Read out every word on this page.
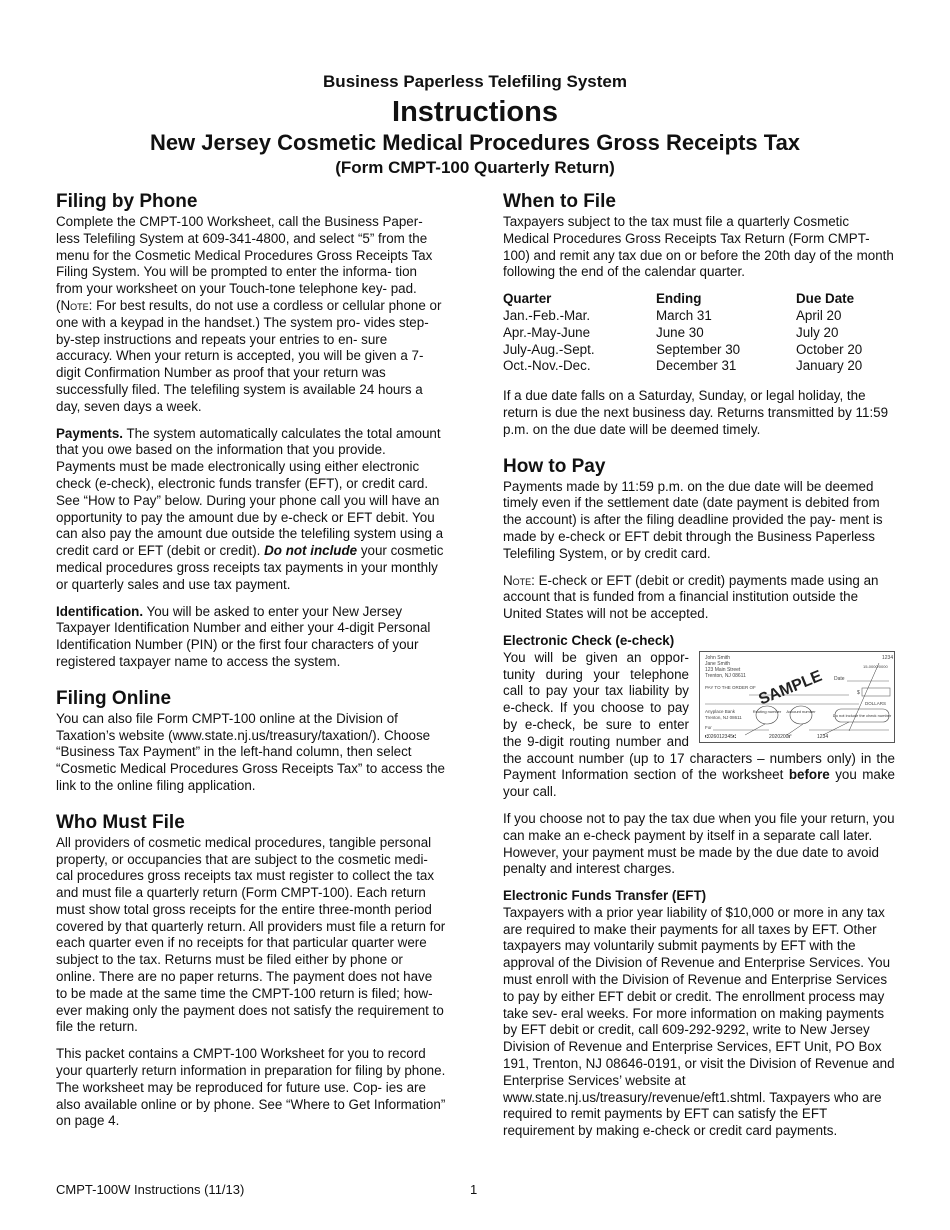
Business Paperless Telefiling System
Instructions
New Jersey Cosmetic Medical Procedures Gross Receipts Tax
(Form CMPT-100 Quarterly Return)
Filing by Phone

Complete the CMPT-100 Worksheet, call the Business Paper- less Telefiling System at 609-341-4800, and select “5” from the menu for the Cosmetic Medical Procedures Gross Receipts Tax Filing System. You will be prompted to enter the informa- tion from your worksheet on your Touch-tone telephone key- pad. (Note: For best results, do not use a cordless or cellular phone or one with a keypad in the handset.) The system pro- vides step-by-step instructions and repeats your entries to en- sure accuracy. When your return is accepted, you will be given a 7-digit Confirmation Number as proof that your return was successfully filed. The telefiling system is available 24 hours a day, seven days a week.

Payments. The system automatically calculates the total amount that you owe based on the information that you provide. Payments must be made electronically using either electronic check (e-check), electronic funds transfer (EFT), or credit card. See “How to Pay” below. During your phone call you will have an opportunity to pay the amount due by e-check or EFT debit. You can also pay the amount due outside the telefiling system using a credit card or EFT (debit or credit). Do not include your cosmetic medical procedures gross receipts tax payments in your monthly or quarterly sales and use tax payment.

Identification. You will be asked to enter your New Jersey Taxpayer Identification Number and either your 4-digit Personal Identification Number (PIN) or the first four characters of your registered taxpayer name to access the system.

Filing Online

You can also file Form CMPT-100 online at the Division of Taxation’s website (www.state.nj.us/treasury/taxation/). Choose “Business Tax Payment” in the left-hand column, then select “Cosmetic Medical Procedures Gross Receipts Tax” to access the link to the online filing application.

Who Must File

All providers of cosmetic medical procedures, tangible personal property, or occupancies that are subject to the cosmetic medi- cal procedures gross receipts tax must register to collect the tax and must file a quarterly return (Form CMPT-100). Each return must show total gross receipts for the entire three-month period covered by that quarterly return. All providers must file a return for each quarter even if no receipts for that particular quarter were subject to the tax. Returns must be filed either by phone or online. There are no paper returns. The payment does not have to be made at the same time the CMPT-100 return is filed; how- ever making only the payment does not satisfy the requirement to file the return.

This packet contains a CMPT-100 Worksheet for you to record your quarterly return information in preparation for filing by phone. The worksheet may be reproduced for future use. Cop- ies are also available online or by phone. See “Where to Get Information” on page 4.

When to File

Taxpayers subject to the tax must file a quarterly Cosmetic Medical Procedures Gross Receipts Tax Return (Form CMPT-100) and remit any tax due on or before the 20th day of the month following the end of the calendar quarter.

Quarter	Ending	Due Date
Jan.-Feb.-Mar.	March 31	April 20
Apr.-May-June	June 30	July 20
July-Aug.-Sept.	September 30	October 20
Oct.-Nov.-Dec.	December 31	January 20

If a due date falls on a Saturday, Sunday, or legal holiday, the return is due the next business day. Returns transmitted by 11:59 p.m. on the due date will be deemed timely.

How to Pay

Payments made by 11:59 p.m. on the due date will be deemed timely even if the settlement date (date payment is debited from the account) is after the filing deadline provided the pay- ment is made by e-check or EFT debit through the Business Paperless Telefiling System, or by credit card.

Note: E-check or EFT (debit or credit) payments made using an account that is funded from a financial institution outside the United States will not be accepted.

Electronic Check (e-check)
John Smith
Jane Smith
123 Main Street
Trenton, NJ 08611
1234
15-0000/0000
Date
PAY TO THE ORDER OF
$
DOLLARS
SAMPLE
Anyplace Bank
Trenton, NJ 08611
Routing number Account number
Do not include the check number
For
⑆026012345⑆	2020200⑈	1234

You will be given an oppor- tunity during your telephone call to pay your tax liability by e-check. If you choose to pay by e-check, be sure to enter the 9-digit routing number and the account number (up to 17 characters – numbers only) in the Payment Information section of the worksheet before you make your call.

If you choose not to pay the tax due when you file your return, you can make an e-check payment by itself in a separate call later. However, your payment must be made by the due date to avoid penalty and interest charges.

Electronic Funds Transfer (EFT)

Taxpayers with a prior year liability of $10,000 or more in any tax are required to make their payments for all taxes by EFT. Other taxpayers may voluntarily submit payments by EFT with the approval of the Division of Revenue and Enterprise Services. You must enroll with the Division of Revenue and Enterprise Services to pay by either EFT debit or credit. The enrollment process may take sev- eral weeks. For more information on making payments by EFT debit or credit, call 609-292-9292, write to New Jersey Division of Revenue and Enterprise Services, EFT Unit, PO Box 191, Trenton, NJ 08646-0191, or visit the Division of Revenue and Enterprise Services’ website at www.state.nj.us/treasury/revenue/eft1.shtml. Taxpayers who are required to remit payments by EFT can satisfy the EFT requirement by making e-check or credit card payments.

CMPT-100W Instructions (11/13)	1
